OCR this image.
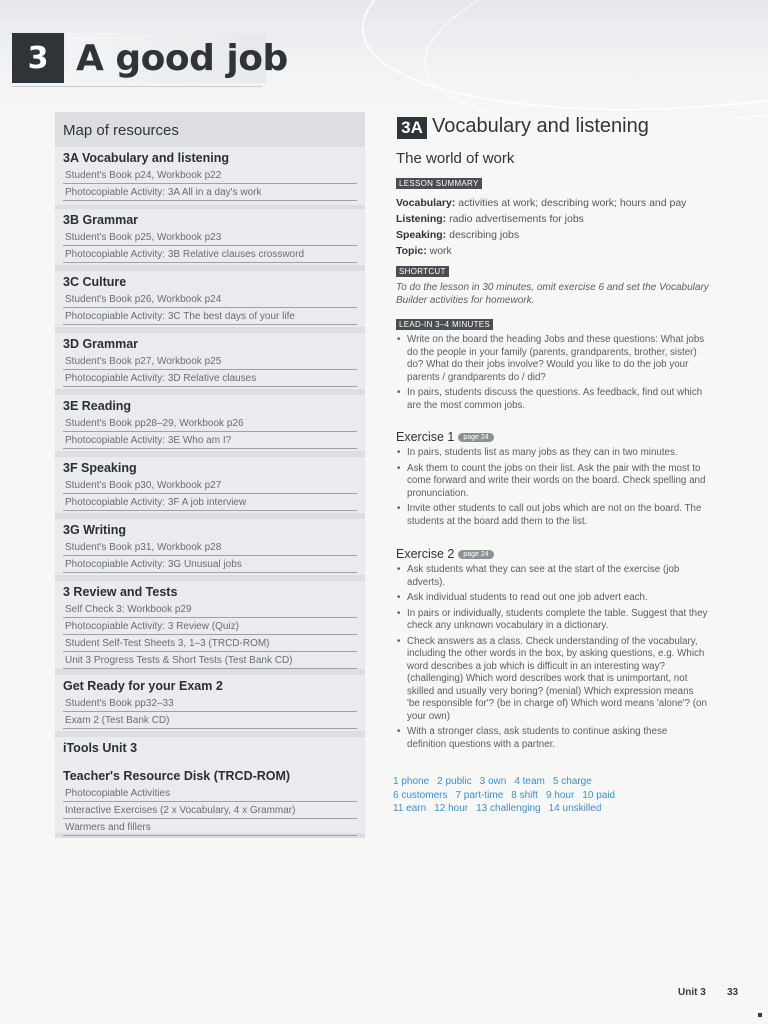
3 A good job
Map of resources
3A Vocabulary and listening
Student's Book p24, Workbook p22
Photocopiable Activity: 3A All in a day's work
3B Grammar
Student's Book p25, Workbook p23
Photocopiable Activity: 3B Relative clauses crossword
3C Culture
Student's Book p26, Workbook p24
Photocopiable Activity: 3C The best days of your life
3D Grammar
Student's Book p27, Workbook p25
Photocopiable Activity: 3D Relative clauses
3E Reading
Student's Book pp28–29, Workbook p26
Photocopiable Activity: 3E Who am I?
3F Speaking
Student's Book p30, Workbook p27
Photocopiable Activity: 3F A job interview
3G Writing
Student's Book p31, Workbook p28
Photocopiable Activity: 3G Unusual jobs
3 Review and Tests
Self Check 3: Workbook p29
Photocopiable Activity: 3 Review (Quiz)
Student Self-Test Sheets 3, 1–3 (TRCD-ROM)
Unit 3 Progress Tests & Short Tests (Test Bank CD)
Get Ready for your Exam 2
Student's Book pp32–33
Exam 2 (Test Bank CD)
iTools Unit 3
Teacher's Resource Disk (TRCD-ROM)
Photocopiable Activities
Interactive Exercises (2 x Vocabulary, 4 x Grammar)
Warmers and fillers
3A Vocabulary and listening
The world of work
LESSON SUMMARY
Vocabulary: activities at work; describing work; hours and pay
Listening: radio advertisements for jobs
Speaking: describing jobs
Topic: work
SHORTCUT
To do the lesson in 30 minutes, omit exercise 6 and set the Vocabulary Builder activities for homework.
LEAD-IN 3–4 MINUTES
• Write on the board the heading Jobs and these questions: What jobs do the people in your family (parents, grandparents, brother, sister) do? What do their jobs involve? Would you like to do the job your parents / grandparents do / did?
• In pairs, students discuss the questions. As feedback, find out which are the most common jobs.
Exercise 1 page 24
• In pairs, students list as many jobs as they can in two minutes.
• Ask them to count the jobs on their list. Ask the pair with the most to come forward and write their words on the board. Check spelling and pronunciation.
• Invite other students to call out jobs which are not on the board. The students at the board add them to the list.
Exercise 2 page 24
• Ask students what they can see at the start of the exercise (job adverts).
• Ask individual students to read out one job advert each.
• In pairs or individually, students complete the table. Suggest that they check any unknown vocabulary in a dictionary.
• Check answers as a class. Check understanding of the vocabulary, including the other words in the box, by asking questions, e.g. Which word describes a job which is difficult in an interesting way? (challenging) Which word describes work that is unimportant, not skilled and usually very boring? (menial) Which expression means 'be responsible for'? (be in charge of) Which word means 'alone'? (on your own)
• With a stronger class, ask students to continue asking these definition questions with a partner.
1 phone 2 public 3 own 4 team 5 charge
6 customers 7 part-time 8 shift 9 hour 10 paid
11 earn 12 hour 13 challenging 14 unskilled
Unit 3 33
